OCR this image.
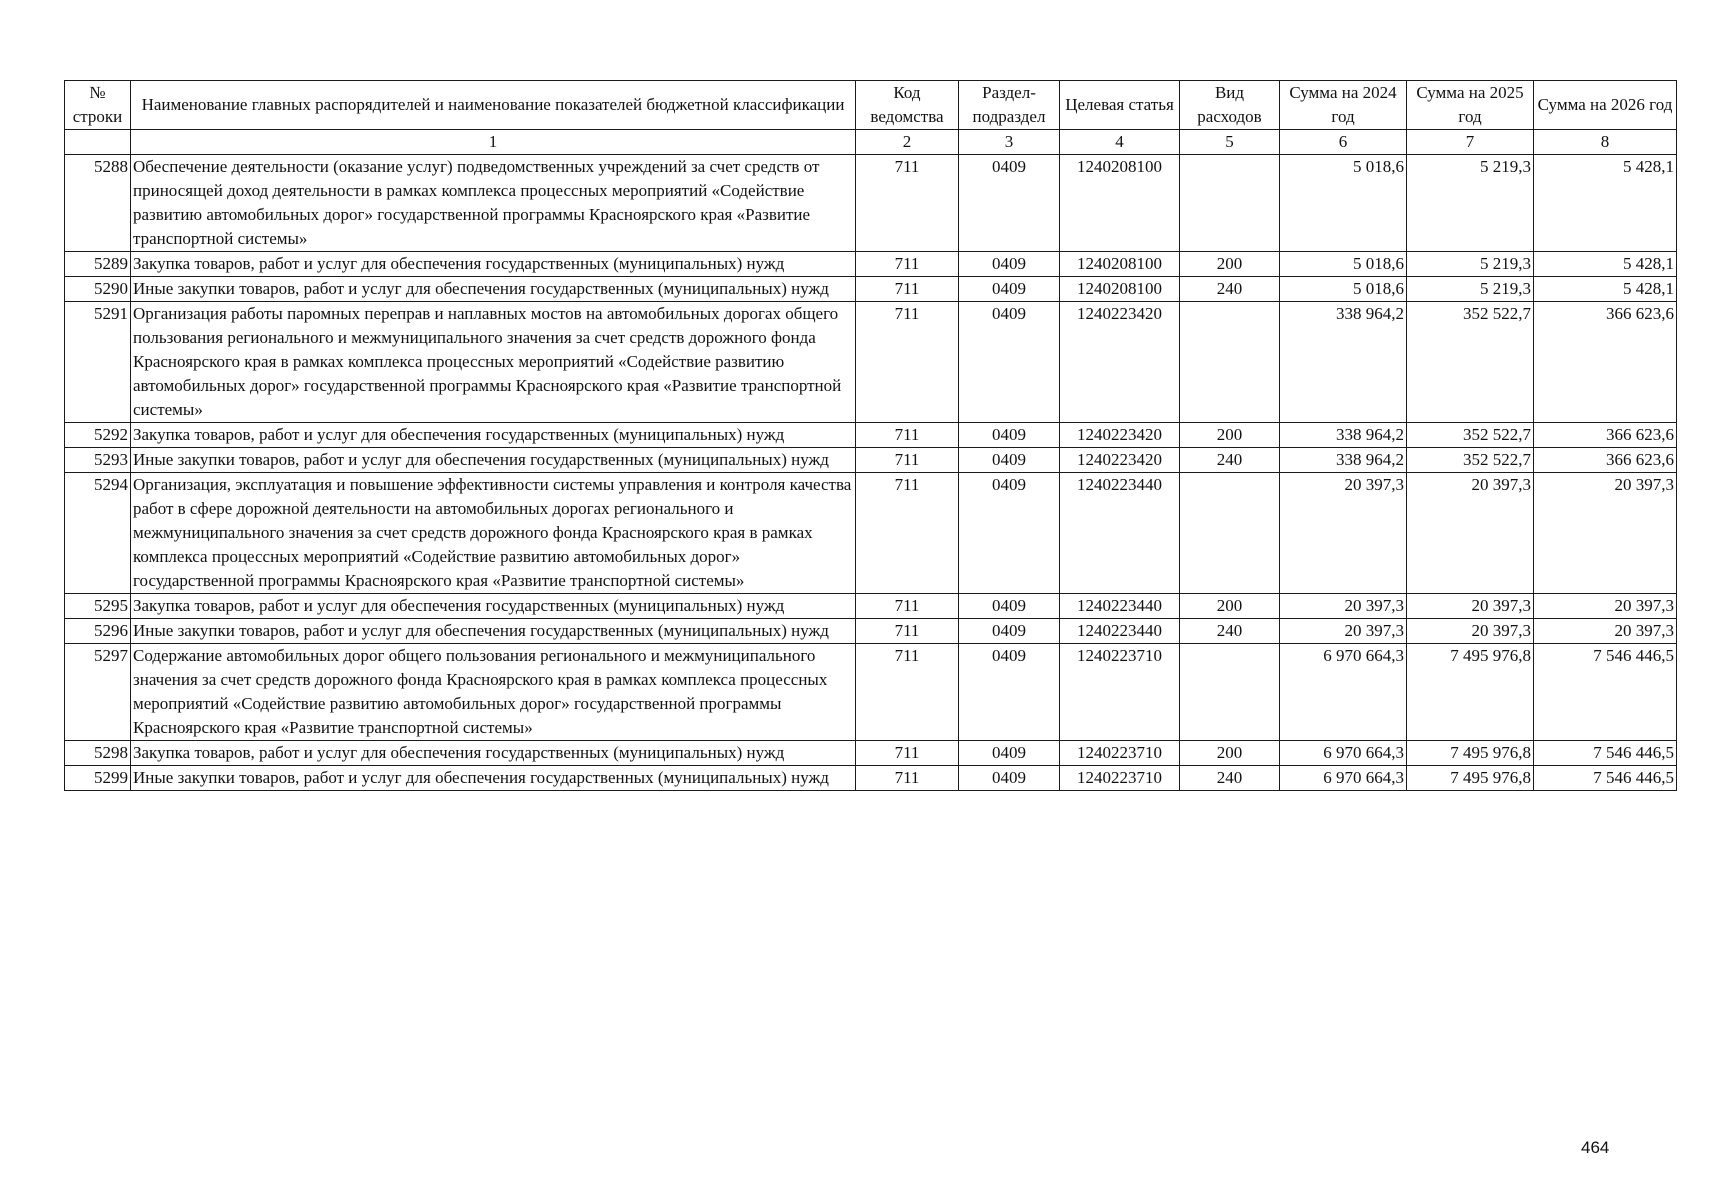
№ строки	Наименование главных распорядителей и наименование показателей бюджетной классификации	Код ведомства	Раздел-подраздел	Целевая статья	Вид расходов	Сумма на 2024 год	Сумма на 2025 год	Сумма на 2026 год
	1	2	3	4	5	6	7	8
5288	Обеспечение деятельности (оказание услуг) подведомственных учреждений за счет средств от приносящей доход деятельности в рамках комплекса процессных мероприятий «Содействие развитию автомобильных дорог» государственной программы Красноярского края «Развитие транспортной системы»	711	0409	1240208100		5 018,6	5 219,3	5 428,1
5289	Закупка товаров, работ и услуг для обеспечения государственных (муниципальных) нужд	711	0409	1240208100	200	5 018,6	5 219,3	5 428,1
5290	Иные закупки товаров, работ и услуг для обеспечения государственных (муниципальных) нужд	711	0409	1240208100	240	5 018,6	5 219,3	5 428,1
5291	Организация работы паромных переправ и наплавных мостов на автомобильных дорогах общего пользования регионального и межмуниципального значения за счет средств дорожного фонда Красноярского края в рамках комплекса процессных мероприятий «Содействие развитию автомобильных дорог» государственной программы Красноярского края «Развитие транспортной системы»	711	0409	1240223420		338 964,2	352 522,7	366 623,6
5292	Закупка товаров, работ и услуг для обеспечения государственных (муниципальных) нужд	711	0409	1240223420	200	338 964,2	352 522,7	366 623,6
5293	Иные закупки товаров, работ и услуг для обеспечения государственных (муниципальных) нужд	711	0409	1240223420	240	338 964,2	352 522,7	366 623,6
5294	Организация, эксплуатация и повышение эффективности системы управления и контроля качества работ в сфере дорожной деятельности на автомобильных дорогах регионального и межмуниципального значения за счет средств дорожного фонда Красноярского края в рамках комплекса процессных мероприятий «Содействие развитию автомобильных дорог» государственной программы Красноярского края «Развитие транспортной системы»	711	0409	1240223440		20 397,3	20 397,3	20 397,3
5295	Закупка товаров, работ и услуг для обеспечения государственных (муниципальных) нужд	711	0409	1240223440	200	20 397,3	20 397,3	20 397,3
5296	Иные закупки товаров, работ и услуг для обеспечения государственных (муниципальных) нужд	711	0409	1240223440	240	20 397,3	20 397,3	20 397,3
5297	Содержание автомобильных дорог общего пользования регионального и межмуниципального значения за счет средств дорожного фонда Красноярского края в рамках комплекса процессных мероприятий «Содействие развитию автомобильных дорог» государственной программы Красноярского края «Развитие транспортной системы»	711	0409	1240223710		6 970 664,3	7 495 976,8	7 546 446,5
5298	Закупка товаров, работ и услуг для обеспечения государственных (муниципальных) нужд	711	0409	1240223710	200	6 970 664,3	7 495 976,8	7 546 446,5
5299	Иные закупки товаров, работ и услуг для обеспечения государственных (муниципальных) нужд	711	0409	1240223710	240	6 970 664,3	7 495 976,8	7 546 446,5
464
